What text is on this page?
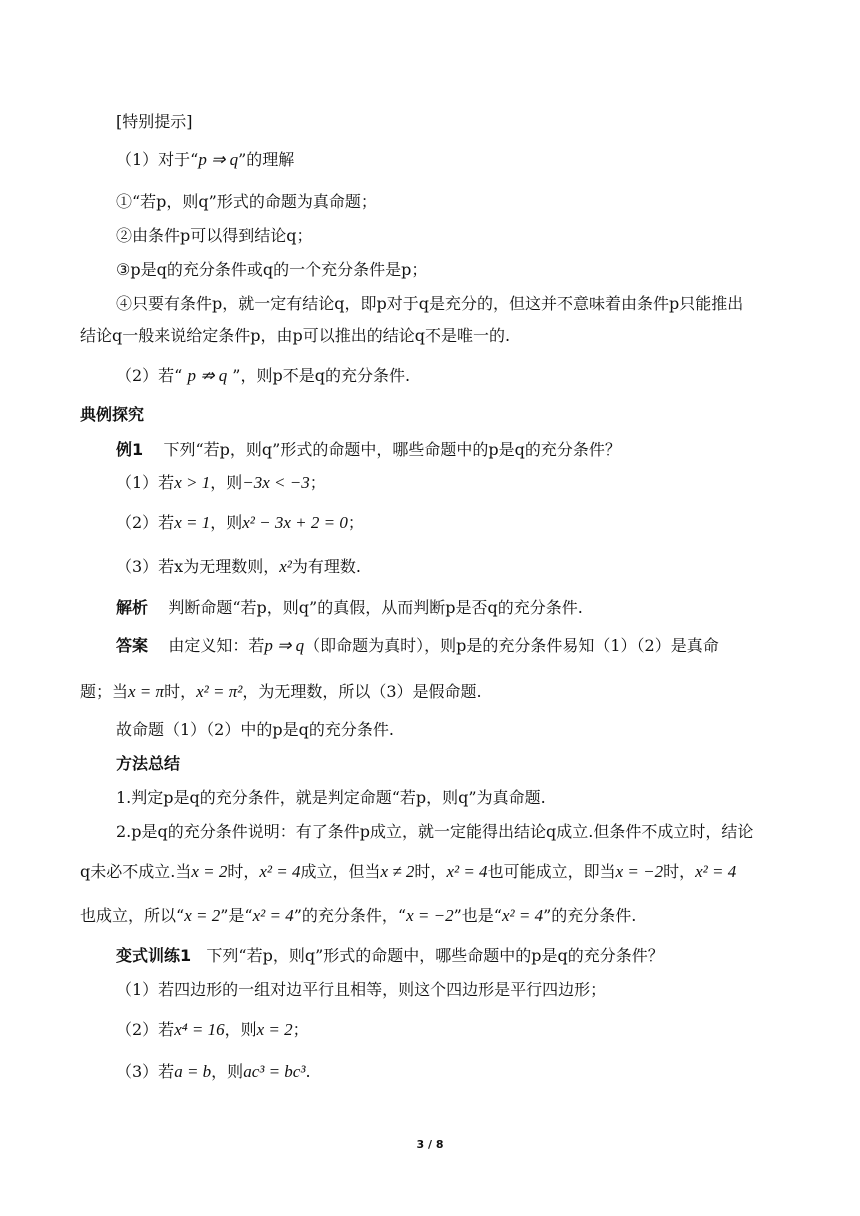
[特别提示]
（1）对于“p ⇒ q”的理解
①“若p，则q”形式的命题为真命题；
②由条件p可以得到结论q；
③p是q的充分条件或q的一个充分条件是p；
④只要有条件p，就一定有结论q，即p对于q是充分的，但这并不意味着由条件p只能推出
结论q一般来说给定条件p，由p可以推出的结论q不是唯一的.
（2）若“ p ⇏ q ”，则p不是q的充分条件.
典例探究
例1 下列“若p，则q”形式的命题中，哪些命题中的p是q的充分条件？
（1）若x > 1，则−3x < −3；
（2）若x = 1，则x² − 3x + 2 = 0；
（3）若x为无理数则，x²为有理数.
解析 判断命题“若p，则q”的真假，从而判断p是否q的充分条件.
答案 由定义知：若p ⇒ q（即命题为真时），则p是的充分条件易知（1）（2）是真命
题；当x = π时，x² = π²，为无理数，所以（3）是假命题.
故命题（1）（2）中的p是q的充分条件.
方法总结
1.判定p是q的充分条件，就是判定命题“若p，则q”为真命题.
2.p是q的充分条件说明：有了条件p成立，就一定能得出结论q成立.但条件不成立时，结论
q未必不成立.当x = 2时，x² = 4成立，但当x ≠ 2时，x² = 4也可能成立，即当x = −2时，x² = 4
也成立，所以“x = 2”是“x² = 4”的充分条件，“x = −2”也是“x² = 4”的充分条件.
变式训练1 下列“若p，则q”形式的命题中，哪些命题中的p是q的充分条件？
（1）若四边形的一组对边平行且相等，则这个四边形是平行四边形；
（2）若x⁴ = 16，则x = 2；
（3）若a = b，则ac³ = bc³.
3 / 8
